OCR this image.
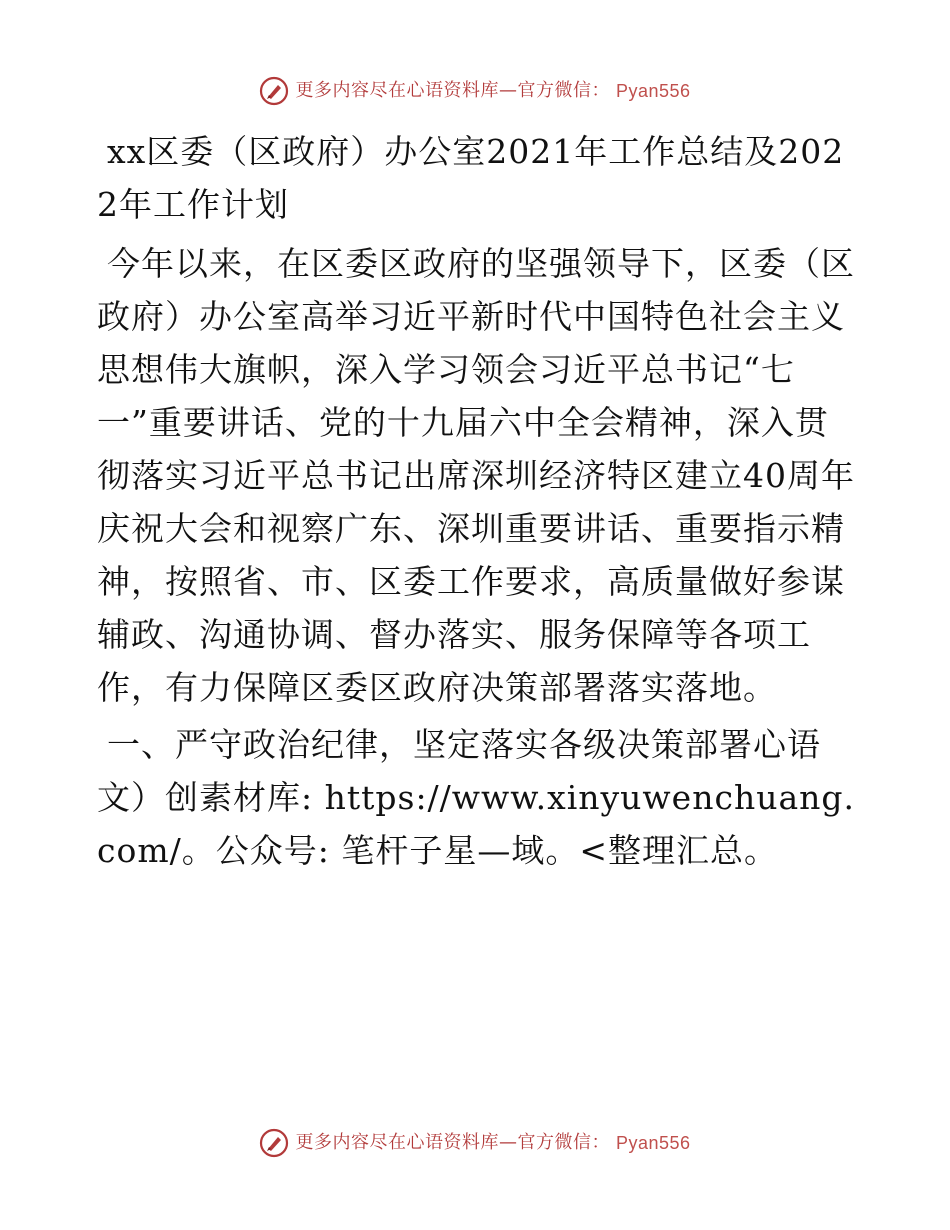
更多内容尽在心语资料库—官方微信： Pyan556

xx区委（区政府）办公室2021年工作总结及2022年工作计划

今年以来，在区委区政府的坚强领导下，区委（区政府）办公室高举习近平新时代中国特色社会主义思想伟大旗帜，深入学习领会习近平总书记“七一”重要讲话、党的十九届六中全会精神，深入贯彻落实习近平总书记出席深圳经济特区建立40周年庆祝大会和视察广东、深圳重要讲话、重要指示精神，按照省、市、区委工作要求，高质量做好参谋辅政、沟通协调、督办落实、服务保障等各项工作，有力保障区委区政府决策部署落实落地。

一、严守政治纪律，坚定落实各级决策部署心语文）创素材库: https://www.xinyuwenchuang.com/。公众号: 笔杆子星—域。<整理汇总。

更多内容尽在心语资料库—官方微信： Pyan556
